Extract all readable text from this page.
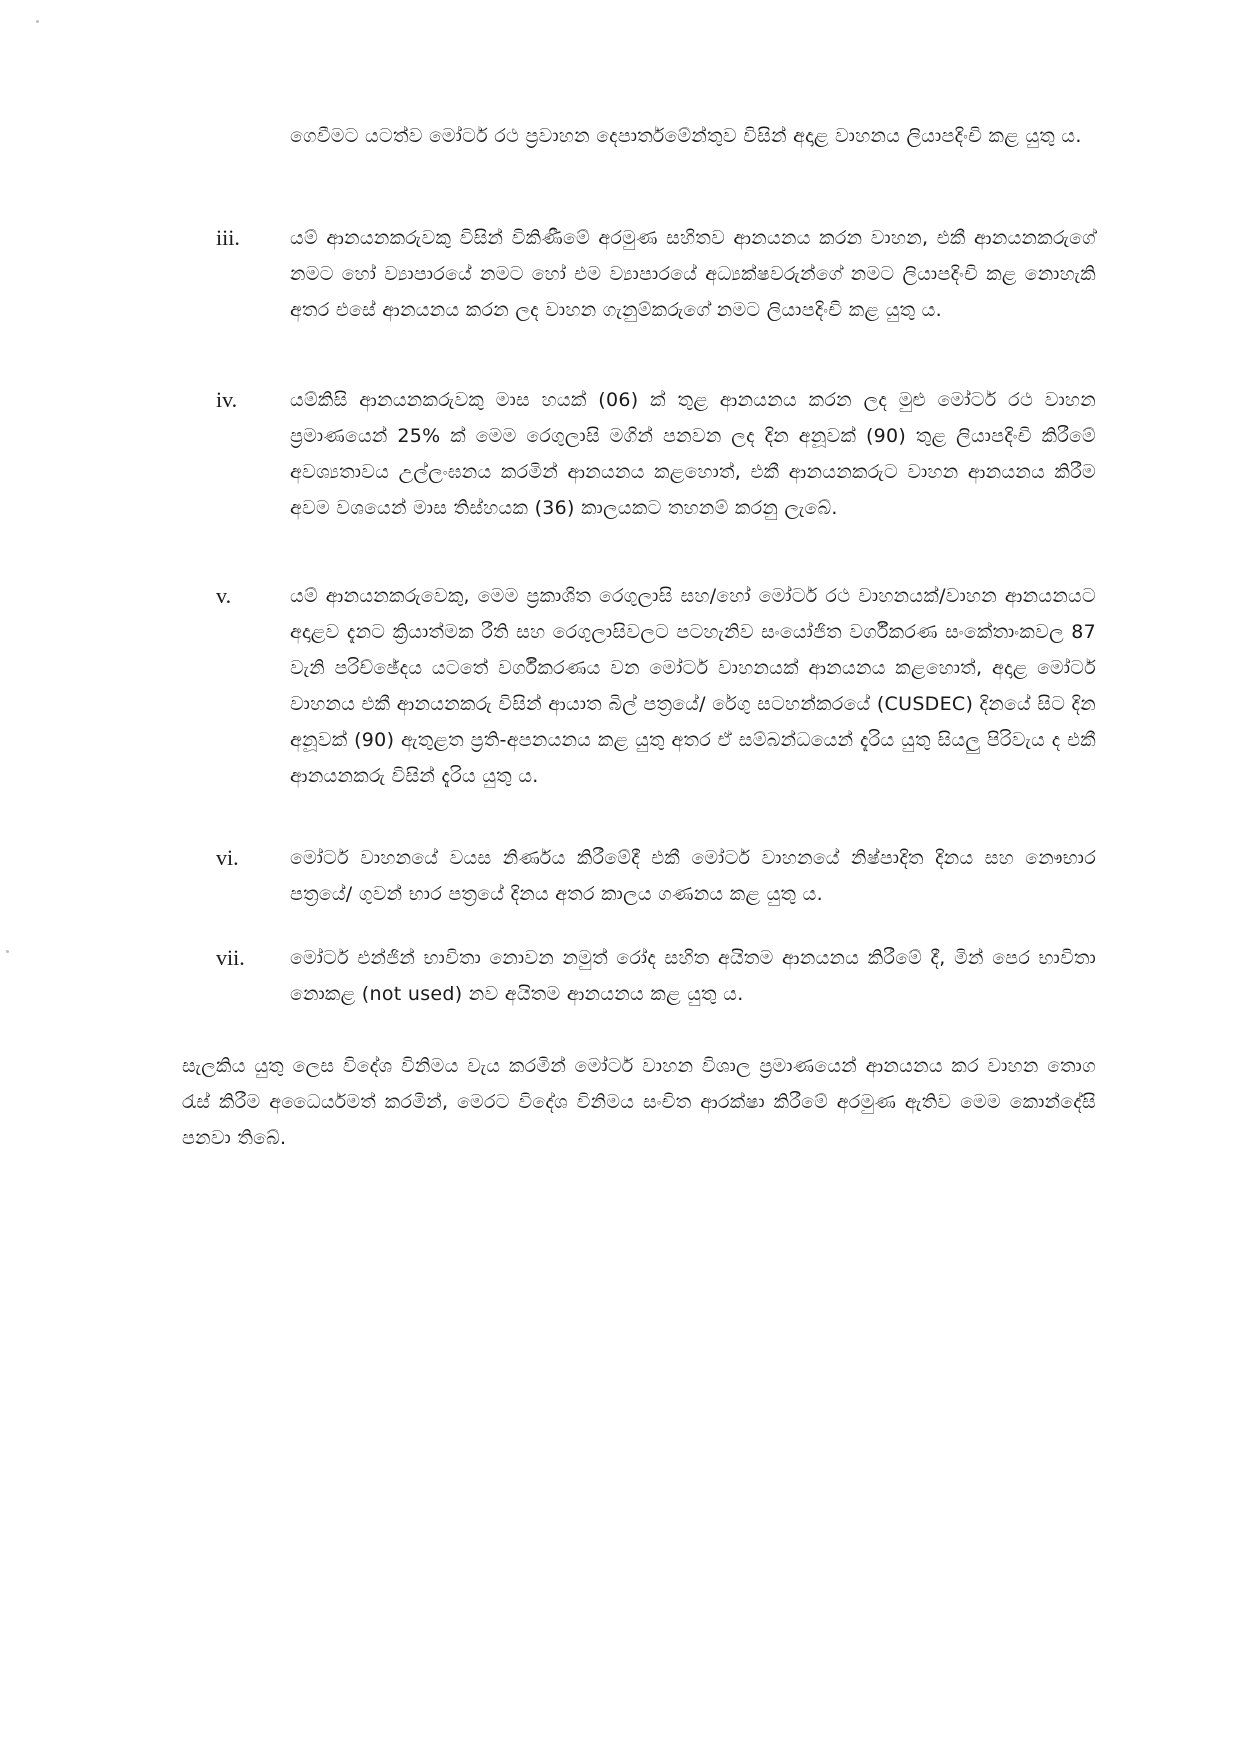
ගෙවීමට යටත්ව මෝටර් රථ ප්‍රවාහන දෙපාර්තමේන්තුව විසින් අදාළ වාහනය ලියාපදිංචි කළ යුතු ය.
iii.	යම් ආනයනකරුවකු විසින් විකිණීමේ අරමුණ සහිතව ආනයනය කරන වාහන, එකී ආනයනකරුගේ නමට හෝ ව්‍යාපාරයේ නමට හෝ එම ව්‍යාපාරයේ අධ්‍යක්ෂවරුන්ගේ නමට ලියාපදිංචි කළ නොහැකි අතර එසේ ආනයනය කරන ලද වාහන ගැනුම්කරුගේ නමට ලියාපදිංචි කළ යුතු ය.
iv.	යම්කිසි ආනයනකරුවකු මාස හයක් (06) ක් තුළ ආනයනය කරන ලද මුළු මෝටර් රථ වාහන ප්‍රමාණයෙන් 25% ක් මෙම රෙගුලාසි මගින් පනවන ලද දින අනූවක් (90) තුළ ලියාපදිංචි කිරීමේ අවශ්‍යතාවය උල්ලංඝනය කරමින් ආනයනය කළහොත්, එකී ආනයනකරුට වාහන ආනයනය කිරීම අවම වශයෙන් මාස තිස්හයක (36) කාලයකට තහනම් කරනු ලැබේ.
v.	යම් ආනයනකරුවෙකු, මෙම ප්‍රකාශිත රෙගුලාසි සහ/හෝ මෝටර් රථ වාහනයක්/වාහන ආනයනයට අදාළව දැනට ක්‍රියාත්මක රීති සහ රෙගුලාසිවලට පටහැනිව සංයෝජිත වර්ගීකරණ සංකේතාංකවල 87 වැනි පරිච්ඡේදය යටතේ වර්ගීකරණය වන මෝටර් වාහනයක් ආනයනය කළහොත්, අදාළ මෝටර් වාහනය එකී ආනයනකරු විසින් ආයාත බිල් පත්‍රයේ/ රේගු සටහන්කරයේ (CUSDEC) දිනයේ සිට දින අනූවක් (90) ඇතුළත ප්‍රති-අපනයනය කළ යුතු අතර ඒ සම්බන්ධයෙන් දැරිය යුතු සියලු පිරිවැය ද එකී ආනයනකරු විසින් දැරිය යුතු ය.
vi.	මෝටර් වාහනයේ වයස නිර්ණය කිරීමේදී එකී මෝටර් වාහනයේ නිෂ්පාදිත දිනය සහ නෞභාර පත්‍රයේ/ ගුවන් භාර පත්‍රයේ දිනය අතර කාලය ගණනය කළ යුතු ය.
vii.	මෝටර් එන්ජින් භාවිතා නොවන නමුත් රෝද සහිත අයිතම ආනයනය කිරීමේ දී, මින් පෙර භාවිතා නොකළ (not used) නව අයිතම ආනයනය කළ යුතු ය.
සැලකිය යුතු ලෙස විදේශ විනිමය වැය කරමින් මෝටර් වාහන විශාල ප්‍රමාණයෙන් ආනයනය කර වාහන තොග රැස් කිරීම අධෛර්යමත් කරමින්, මෙරට විදේශ විනිමය සංචිත ආරක්ෂා කිරීමේ අරමුණ ඇතිව මෙම කොන්දේසි පනවා තිබේ.
